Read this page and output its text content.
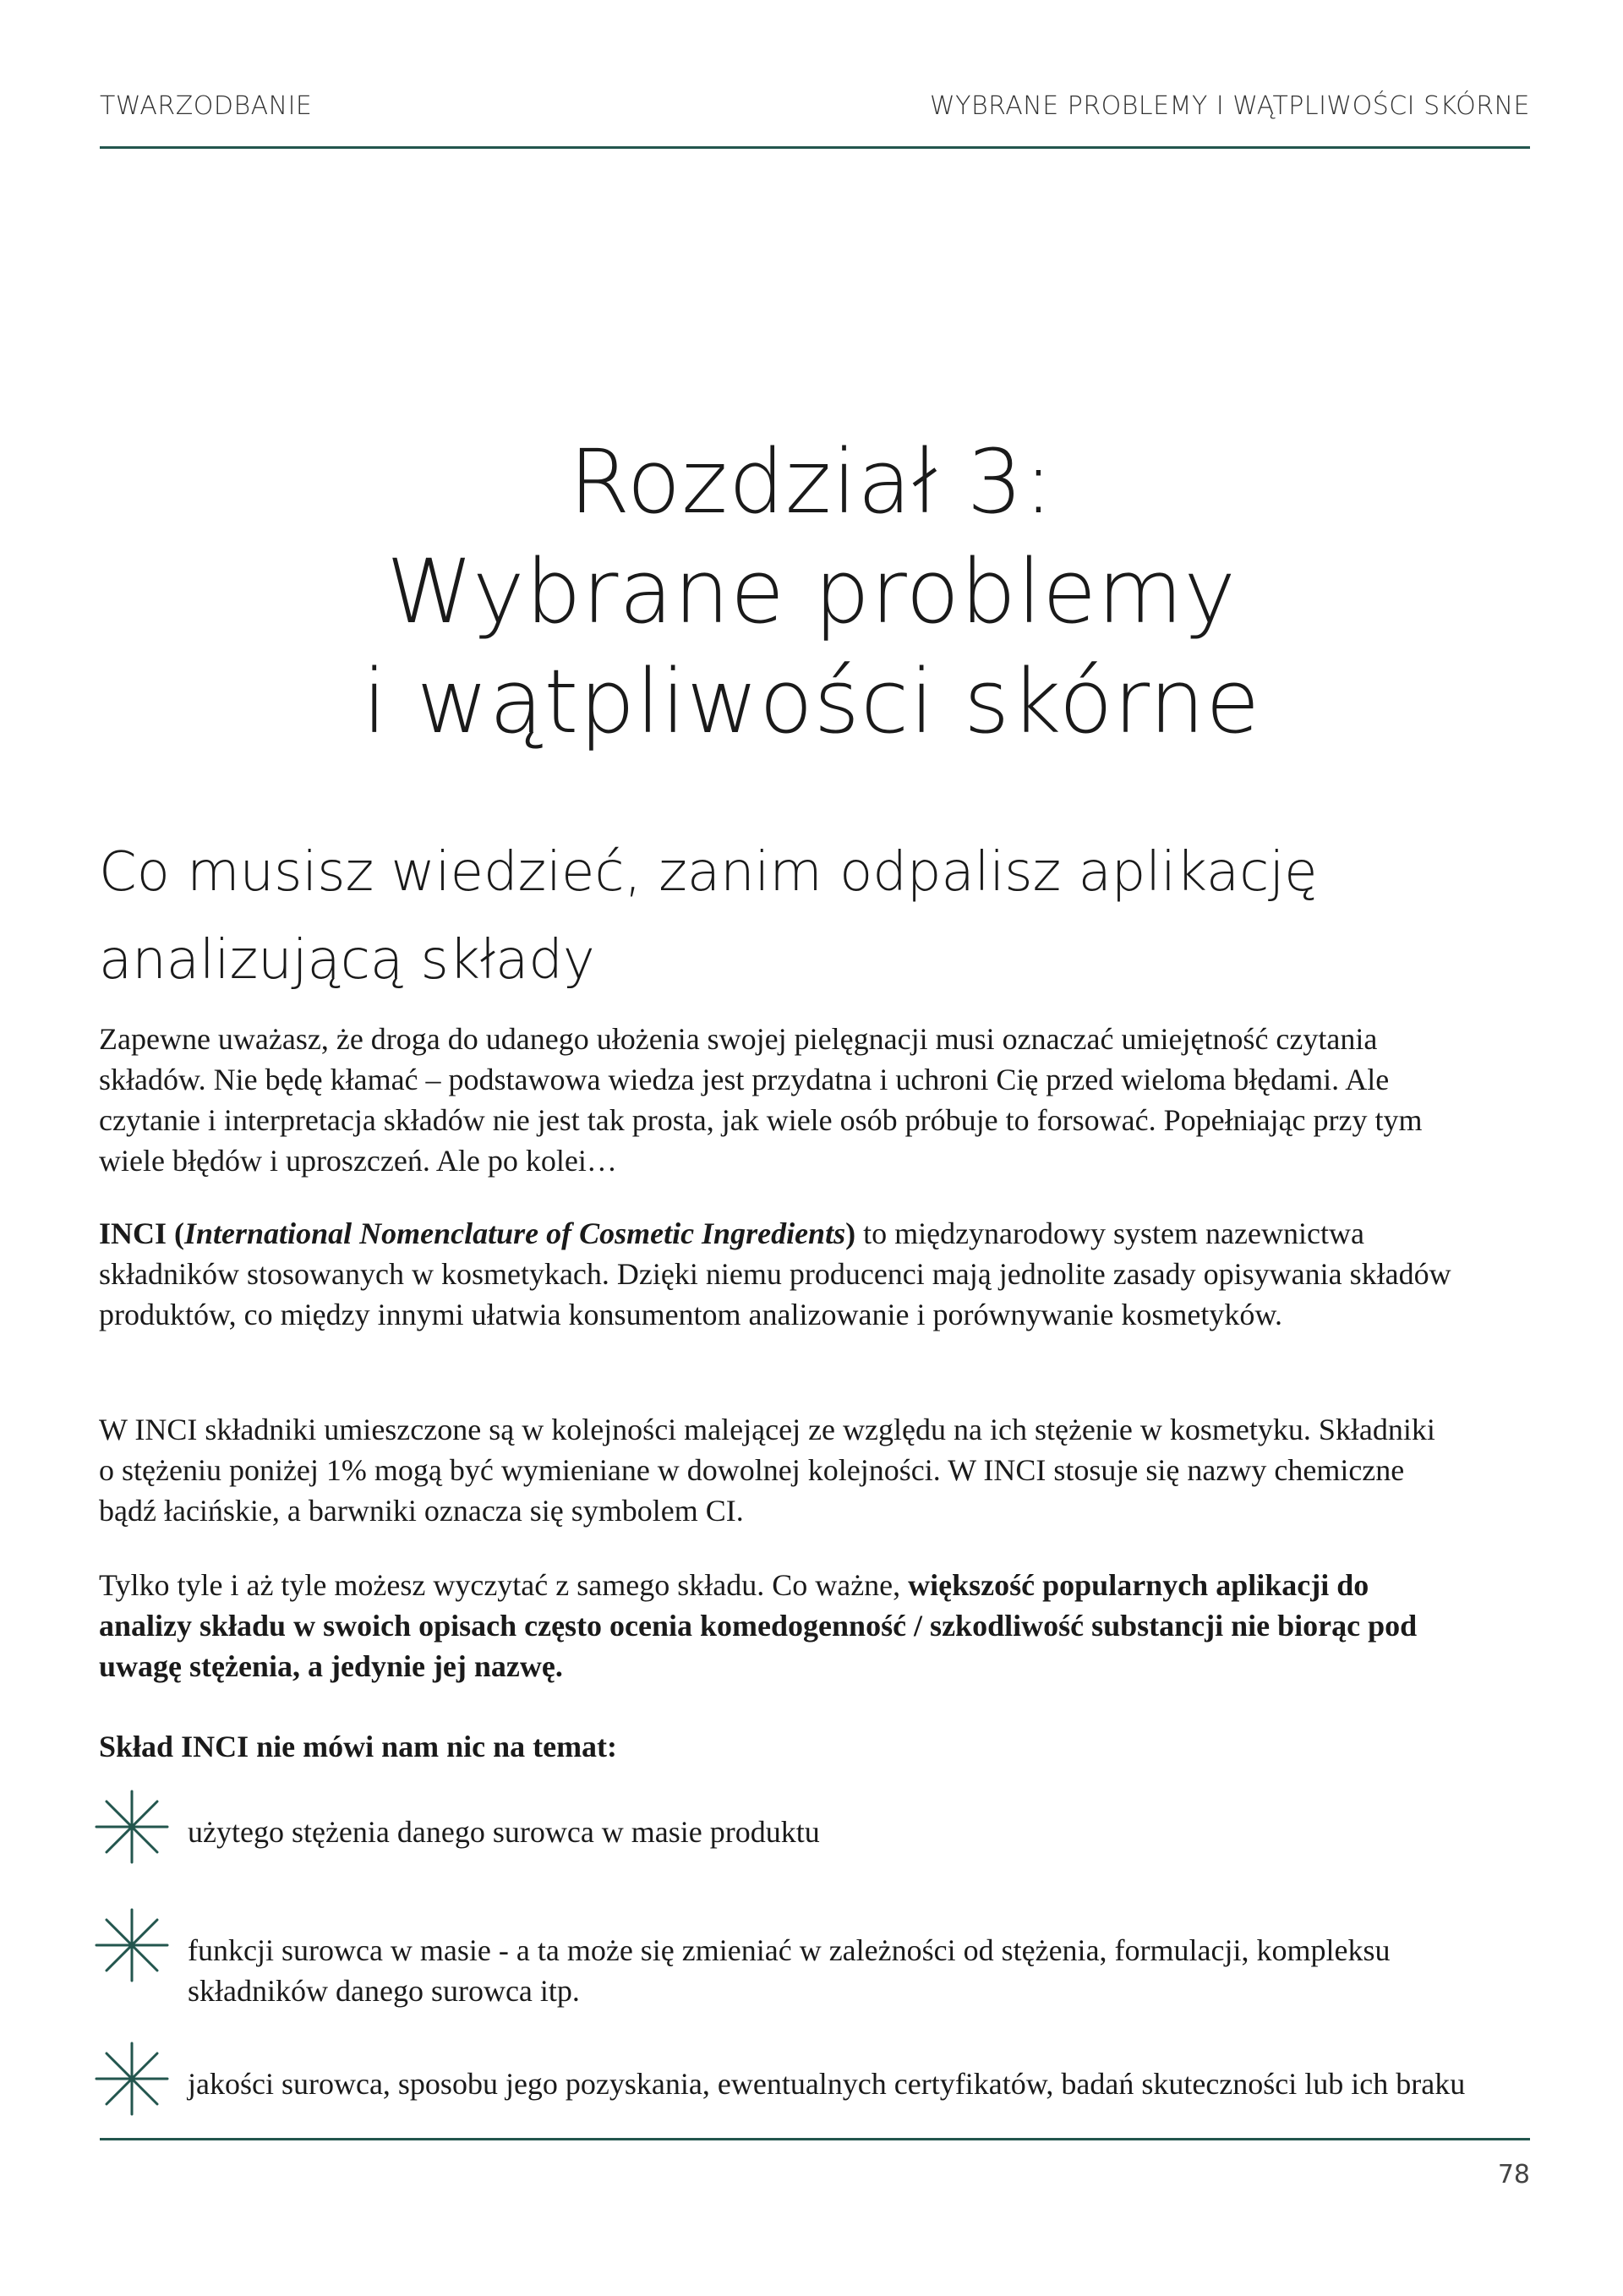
TWARZODBANIE	WYBRANE PROBLEMY I WĄTPLIWOŚCI SKÓRNE
Rozdział 3:
Wybrane problemy
i wątpliwości skórne
Co musisz wiedzieć, zanim odpalisz aplikację
analizującą składy
Zapewne uważasz, że droga do udanego ułożenia swojej pielęgnacji musi oznaczać umiejętność czytania składów. Nie będę kłamać – podstawowa wiedza jest przydatna i uchroni Cię przed wieloma błędami. Ale czytanie i interpretacja składów nie jest tak prosta, jak wiele osób próbuje to forsować. Popełniając przy tym wiele błędów i uproszczeń. Ale po kolei…
INCI (International Nomenclature of Cosmetic Ingredients) to międzynarodowy system nazewnictwa składników stosowanych w kosmetykach. Dzięki niemu producenci mają jednolite zasady opisywania składów produktów, co między innymi ułatwia konsumentom analizowanie i porównywanie kosmetyków.
W INCI składniki umieszczone są w kolejności malejącej ze względu na ich stężenie w kosmetyku. Składniki o stężeniu poniżej 1% mogą być wymieniane w dowolnej kolejności. W INCI stosuje się nazwy chemiczne bądź łacińskie, a barwniki oznacza się symbolem CI.
Tylko tyle i aż tyle możesz wyczytać z samego składu. Co ważne, większość popularnych aplikacji do analizy składu w swoich opisach często ocenia komedogenność / szkodliwość substancji nie biorąc pod uwagę stężenia, a jedynie jej nazwę.
Skład INCI nie mówi nam nic na temat:
użytego stężenia danego surowca w masie produktu
funkcji surowca w masie - a ta może się zmieniać w zależności od stężenia, formulacji, kompleksu składników danego surowca itp.
jakości surowca, sposobu jego pozyskania, ewentualnych certyfikatów, badań skuteczności lub ich braku
78
